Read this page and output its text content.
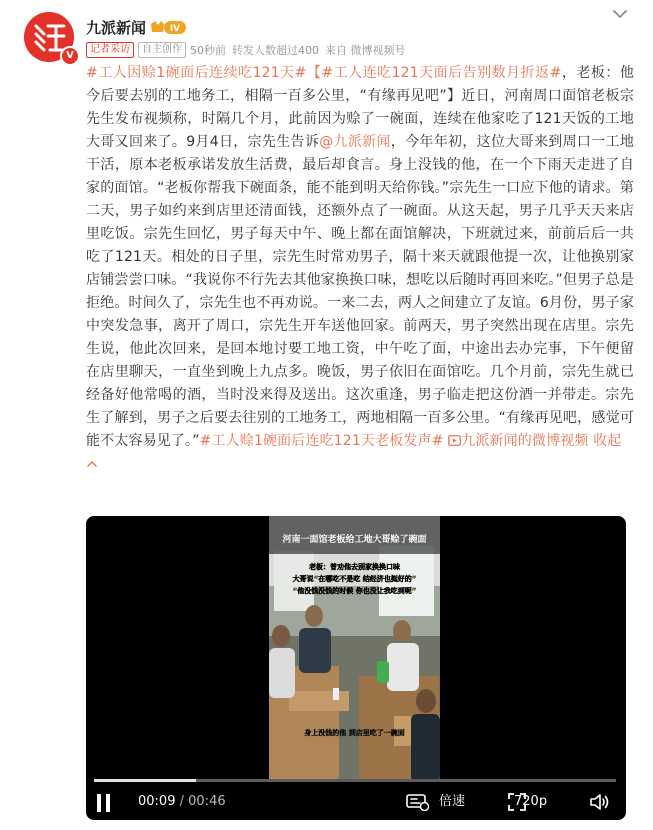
V
九派新闻	IV
记者采访	自主创作 50秒前 转发人数超过400 来自 微博视频号
#工人因赊1碗面后连续吃121天#【#工人连吃121天面后告别数月折返#，老板：他今后要去别的工地务工，相隔一百多公里，“有缘再见吧”】近日，河南周口面馆老板宗先生发布视频称，时隔几个月，此前因为赊了一碗面，连续在他家吃了121天饭的工地大哥又回来了。9月4日，宗先生告诉@九派新闻，今年年初，这位大哥来到周口一工地干活，原本老板承诺发放生活费，最后却食言。身上没钱的他，在一个下雨天走进了自家的面馆。“老板你帮我下碗面条，能不能到明天给你钱。”宗先生一口应下他的请求。第二天，男子如约来到店里还清面钱，还额外点了一碗面。从这天起，男子几乎天天来店里吃饭。宗先生回忆，男子每天中午、晚上都在面馆解决，下班就过来，前前后后一共吃了121天。相处的日子里，宗先生时常劝男子，隔十来天就跟他提一次，让他换别家店铺尝尝口味。“我说你不行先去其他家换换口味，想吃以后随时再回来吃。”但男子总是拒绝。时间久了，宗先生也不再劝说。一来二去，两人之间建立了友谊。6月份，男子家中突发急事，离开了周口，宗先生开车送他回家。前两天，男子突然出现在店里。宗先生说，他此次回来，是回本地讨要工地工资，中午吃了面，中途出去办完事，下午便留在店里聊天，一直坐到晚上九点多。晚饭，男子依旧在面馆吃。几个月前，宗先生就已经备好他常喝的酒，当时没来得及送出。这次重逢，男子临走把这份酒一并带走。宗先生了解到，男子之后要去往别的工地务工，两地相隔一百多公里。“有缘再见吧，感觉可能不太容易见了。”#工人赊1碗面后连吃121天老板发声# 九派新闻的微博视频 收起

河南一面馆老板给工地大哥赊了碗面
老板：曾劝他去别家换换口味
大哥说“在哪吃不是吃 结经济也挺好的”
“他没钱没钱的时候 你也没让我吃到呢”
身上没钱的他 到店里吃了一碗面
00:09 / 00:46	倍速	720p
